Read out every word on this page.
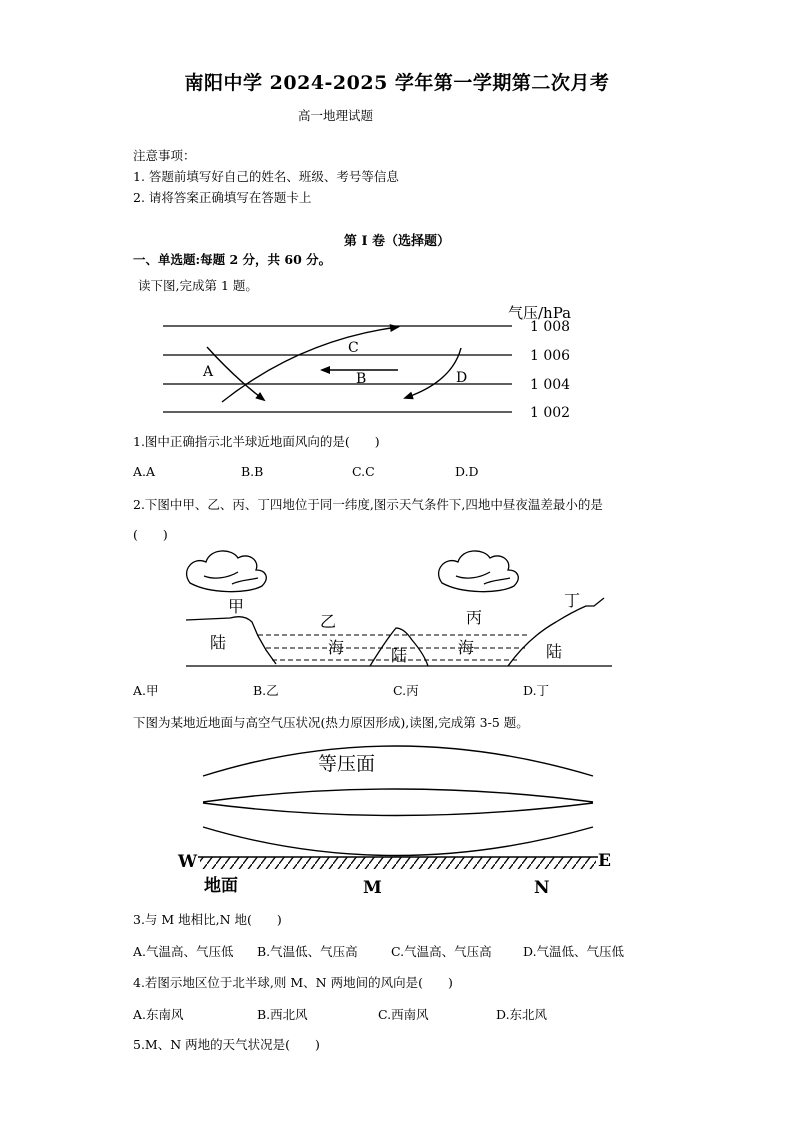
南阳中学 2024-2025 学年第一学期第二次月考
高一地理试题
注意事项：
1. 答题前填写好自己的姓名、班级、考号等信息
2. 请将答案正确填写在答题卡上
第 I 卷（选择题）
一、单选题:每题 2 分，共 60 分。
读下图,完成第 1 题。
气压/hPa
1 008
1 006
1 004
1 002
A
C
B	D
1.图中正确指示北半球近地面风向的是(　　)
A.A	B.B	C.C	D.D
2.下图中甲、乙、丙、丁四地位于同一纬度,图示天气条件下,四地中昼夜温差最小的是
(　　)
甲
陆
乙
海	陆
丙
海
丁
陆
A.甲	B.乙	C.丙	D.丁
下图为某地近地面与高空气压状况(热力原因形成),读图,完成第 3-5 题。
等压面
W	E
地面	M	N
3.与 M 地相比,N 地(　　)
A.气温高、气压低 B.气温低、气压高	C.气温高、气压高	D.气温低、气压低
4.若图示地区位于北半球,则 M、N 两地间的风向是(　　)
A.东南风	B.西北风	C.西南风	D.东北风
5.M、N 两地的天气状况是(　　)
